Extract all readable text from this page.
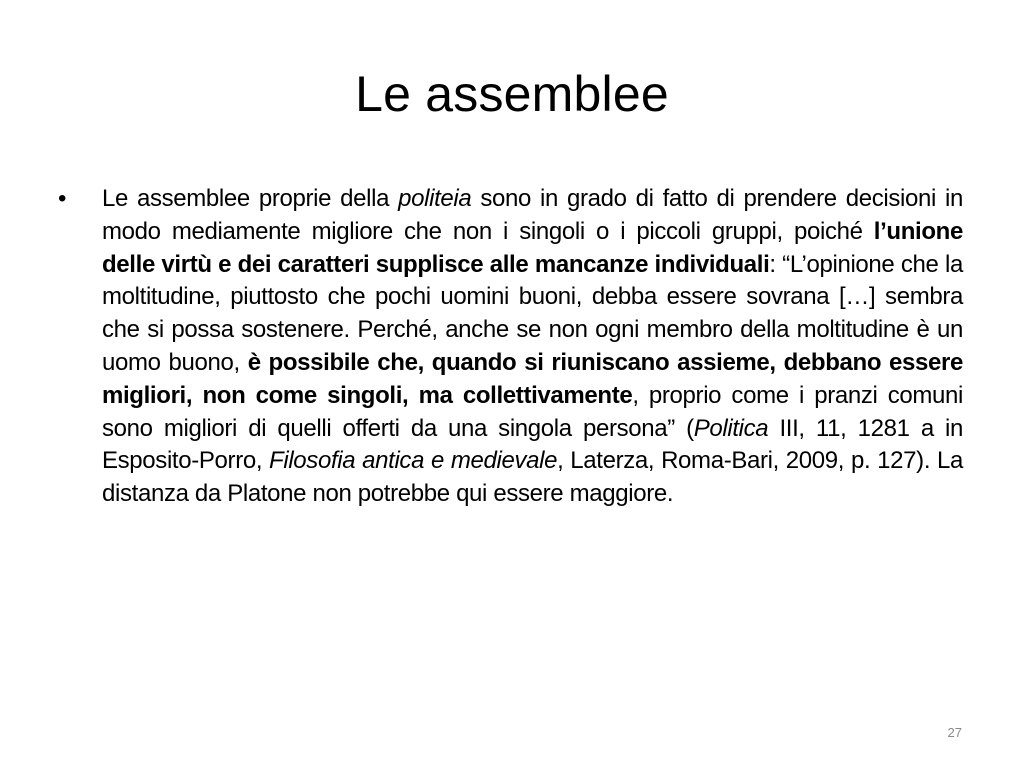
Le assemblee
•	Le assemblee proprie della politeia sono in grado di fatto di prendere decisioni in modo mediamente migliore che non i singoli o i piccoli gruppi, poiché l’unione delle virtù e dei caratteri supplisce alle mancanze individuali: “L’opinione che la moltitudine, piuttosto che pochi uomini buoni, debba essere sovrana […] sembra che si possa sostenere. Perché, anche se non ogni membro della moltitudine è un uomo buono, è possibile che, quando si riuniscano assieme, debbano essere migliori, non come singoli, ma collettivamente, proprio come i pranzi comuni sono migliori di quelli offerti da una singola persona” (Politica III, 11, 1281 a in Esposito-Porro, Filosofia antica e medievale, Laterza, Roma-Bari, 2009, p. 127). La distanza da Platone non potrebbe qui essere maggiore.
27
